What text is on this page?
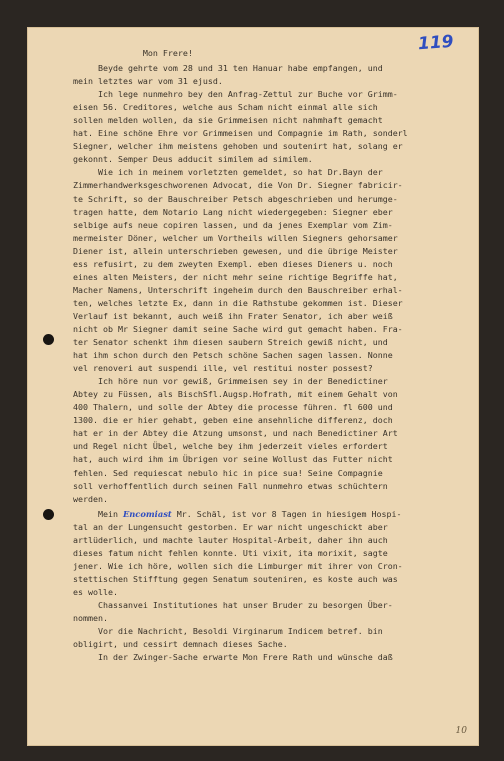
119
Mon Frere!
Beyde gehrte vom 28 und 31 ten Hanuar habe empfangen, und
mein letztes war vom 31 ejusd.
Ich lege nunmehro bey den Anfrag-Zettul zur Buche vor Grimm-
eisen 56. Creditores, welche aus Scham nicht einmal alle sich
sollen melden wollen, da sie Grimmeisen nicht nahmhaft gemacht
hat. Eine schöne Ehre vor Grimmeisen und Compagnie im Rath, sonderl
Siegner, welcher ihm meistens gehoben und soutenirt hat, solang er
gekonnt. Semper Deus adducit similem ad similem.
Wie ich in meinem vorletzten gemeldet, so hat Dr.Bayn der
Zimmerhandwerksgeschworenen Advocat, die Von Dr. Siegner fabricir-
te Schrift, so der Bauschreiber Petsch abgeschrieben und herumge-
tragen hatte, dem Notario Lang nicht wiedergegeben: Siegner eber
selbige aufs neue copiren lassen, und da jenes Exemplar vom Zim-
mermeister Döner, welcher um Vortheils willen Siegners gehorsamer
Diener ist, allein unterschrieben gewesen, und die übrige Meister
ess refusirt, zu dem zweyten Exempl. eben dieses Dieners u. noch
eines alten Meisters, der nicht mehr seine richtige Begriffe hat,
Macher Namens, Unterschrift ingeheim durch den Bauschreiber erhal-
ten, welches letzte Ex, dann in die Rathstube gekommen ist. Dieser
Verlauf ist bekannt, auch weiß ihn Frater Senator, ich aber weiß
nicht ob Mr Siegner damit seine Sache wird gut gemacht haben. Fra-
ter Senator schenkt ihm diesen saubern Streich gewiß nicht, und
hat ihm schon durch den Petsch schöne Sachen sagen lassen. Nonne
vel renoveri aut suspendi ille, vel restitui noster possest?
Ich höre nun vor gewiß, Grimmeisen sey in der Benedictiner
Abtey zu Füssen, als BischSfl.Augsp.Hofrath, mit einem Gehalt von
400 Thalern, und solle der Abtey die processe führen. fl 600 und
1300. die er hier gehabt, geben eine ansehnliche differenz, doch
hat er in der Abtey die Atzung umsonst, und nach Benedictiner Art
und Regel nicht Übel, welche bey ihm jederzeit vieles erfordert
hat, auch wird ihm im Übrigen vor seine Wollust das Futter nicht
fehlen. Sed requiescat nebulo hic in pice sua! Seine Compagnie
soll verhoffentlich durch seinen Fall nunmehro etwas schüchtern
werden.
Mein Encomiast Mr. Schäl, ist vor 8 Tagen in hiesigem Hospi-
tal an der Lungensucht gestorben. Er war nicht ungeschickt aber
artlüderlich, und machte lauter Hospital-Arbeit, daher ihn auch
dieses fatum nicht fehlen konnte. Uti vixit, ita morixit, sagte
jener. Wie ich höre, wollen sich die Limburger mit ihrer von Cron-
stettischen Stifftung gegen Senatum souteniren, es koste auch was
es wolle.
Chassanvei Institutiones hat unser Bruder zu besorgen Über-
nommen.
Vor die Nachricht, Besoldi Virginarum Indicem betref. bin
obligirt, und cessirt demnach dieses Sache.
In der Zwinger-Sache erwarte Mon Frere Rath und wünsche daß
10
